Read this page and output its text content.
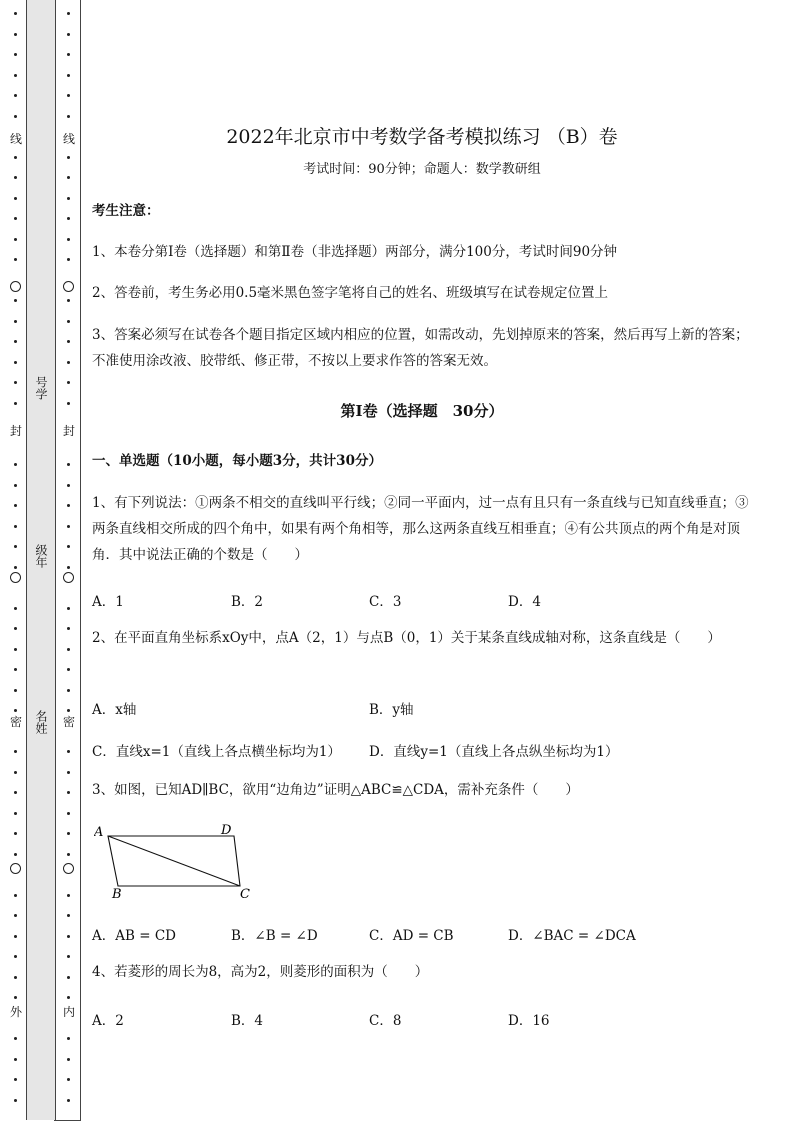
线
封
密
外
号学
级年
名姓
线
封
密
内
2022年北京市中考数学备考模拟练习 （B）卷
考试时间：90分钟；命题人：数学教研组
考生注意：
1、本卷分第Ⅰ卷（选择题）和第Ⅱ卷（非选择题）两部分，满分100分，考试时间90分钟
2、答卷前，考生务必用0.5毫米黑色签字笔将自己的姓名、班级填写在试卷规定位置上
3、答案必须写在试卷各个题目指定区域内相应的位置，如需改动，先划掉原来的答案，然后再写上新的答案；不准使用涂改液、胶带纸、修正带，不按以上要求作答的答案无效。
第Ⅰ卷（选择题　30分）
一、单选题（10小题，每小题3分，共计30分）
1、有下列说法：①两条不相交的直线叫平行线；②同一平面内，过一点有且只有一条直线与已知直线垂直；③两条直线相交所成的四个角中，如果有两个角相等，那么这两条直线互相垂直；④有公共顶点的两个角是对顶角．其中说法正确的个数是（　　）
A．1	B．2	C．3	D．4
2、在平面直角坐标系xOy中，点A（2，1）与点B（0，1）关于某条直线成轴对称，这条直线是（　　）
A．x轴	B．y轴
C．直线x=1（直线上各点横坐标均为1） D．直线y=1（直线上各点纵坐标均为1）
3、如图，已知AD∥BC，欲用“边角边”证明△ABC≌△CDA，需补充条件（　　）
A	D
B	C
A．AB = CD	B．∠B = ∠D	C．AD = CB	D．∠BAC = ∠DCA
4、若菱形的周长为8，高为2，则菱形的面积为（　　）
A．2	B．4	C．8	D．16
